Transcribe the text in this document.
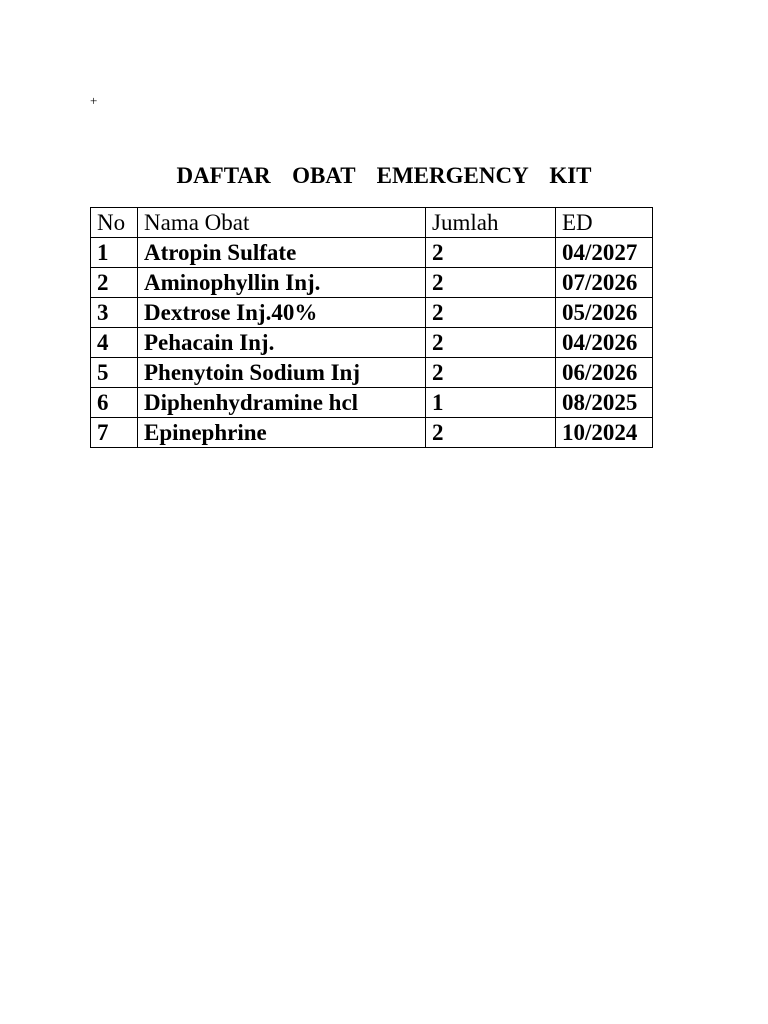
+
DAFTAR  OBAT  EMERGENCY  KIT
No	Nama Obat	Jumlah	ED
1	Atropin Sulfate	2	04/2027
2	Aminophyllin Inj.	2	07/2026
3	Dextrose Inj.40%	2	05/2026
4	Pehacain Inj.	2	04/2026
5	Phenytoin Sodium Inj	2	06/2026
6	Diphenhydramine hcl	1	08/2025
7	Epinephrine	2	10/2024
